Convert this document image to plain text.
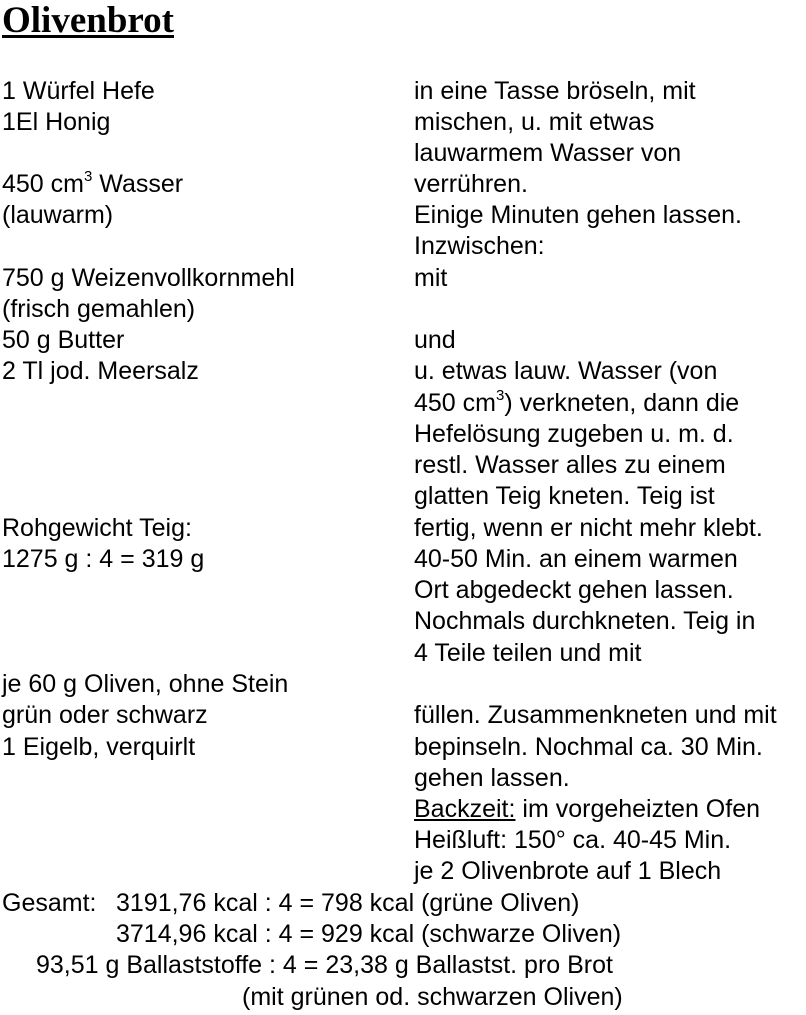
Olivenbrot
1 Würfel Hefe
1El Honig
450 $cm^3$ Wasser
(lauwarm)
750 g Weizenvollkornmehl
(frisch gemahlen)
50 g Butter
2 Tl jod. Meersalz
Rohgewicht Teig:
1275 g : 4 = 319 g
je 60 g Oliven, ohne Stein
grün oder schwarz
1 Eigelb, verquirlt
in eine Tasse bröseln, mit
mischen, u. mit etwas
lauwarmem Wasser von
verrühren.
Einige Minuten gehen lassen.
Inzwischen:
mit
und
u. etwas lauw. Wasser (von
450 $cm^3$) verkneten, dann die
Hefelösung zugeben u. m. d.
restl. Wasser alles zu einem
glatten Teig kneten. Teig ist
fertig, wenn er nicht mehr klebt.
40-50 Min. an einem warmen
Ort abgedeckt gehen lassen.
Nochmals durchkneten. Teig in
4 Teile teilen und mit
füllen. Zusammenkneten und mit
bepinseln. Nochmal ca. 30 Min.
gehen lassen.
Backzeit: im vorgeheizten Ofen
Heißluft: 150° ca. 40-45 Min.
je 2 Olivenbrote auf 1 Blech
Gesamt: 3191,76 kcal : 4 = 798 kcal (grüne Oliven)
3714,96 kcal : 4 = 929 kcal (schwarze Oliven)
93,51 g Ballaststoffe : 4 = 23,38 g Ballastst. pro Brot
(mit grünen od. schwarzen Oliven)
